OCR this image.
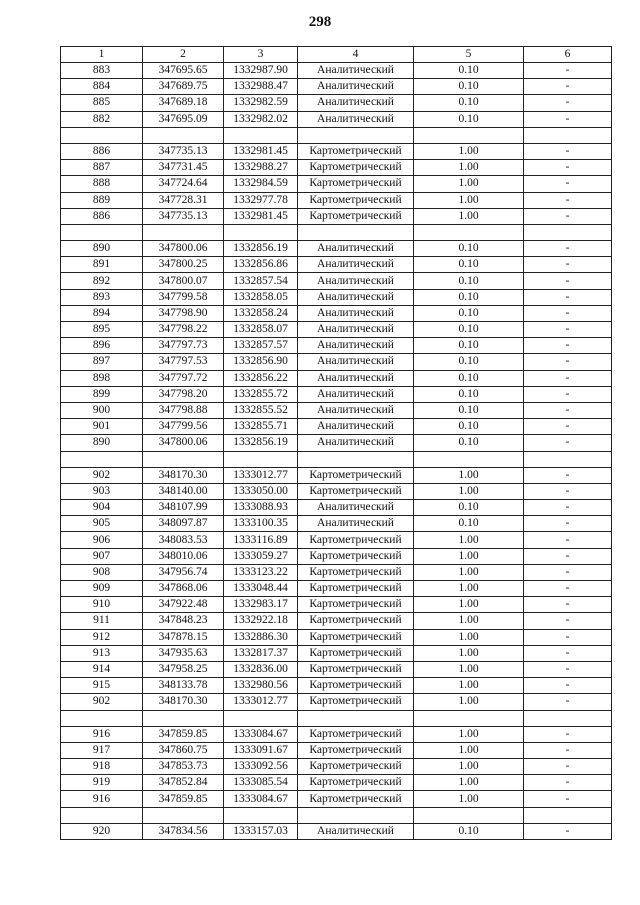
298
1	2	3	4	5	6
883	347695.65	1332987.90	Аналитический	0.10	-
884	347689.75	1332988.47	Аналитический	0.10	-
885	347689.18	1332982.59	Аналитический	0.10	-
882	347695.09	1332982.02	Аналитический	0.10	-

886	347735.13	1332981.45	Картометрический	1.00	-
887	347731.45	1332988.27	Картометрический	1.00	-
888	347724.64	1332984.59	Картометрический	1.00	-
889	347728.31	1332977.78	Картометрический	1.00	-
886	347735.13	1332981.45	Картометрический	1.00	-

890	347800.06	1332856.19	Аналитический	0.10	-
891	347800.25	1332856.86	Аналитический	0.10	-
892	347800.07	1332857.54	Аналитический	0.10	-
893	347799.58	1332858.05	Аналитический	0.10	-
894	347798.90	1332858.24	Аналитический	0.10	-
895	347798.22	1332858.07	Аналитический	0.10	-
896	347797.73	1332857.57	Аналитический	0.10	-
897	347797.53	1332856.90	Аналитический	0.10	-
898	347797.72	1332856.22	Аналитический	0.10	-
899	347798.20	1332855.72	Аналитический	0.10	-
900	347798.88	1332855.52	Аналитический	0.10	-
901	347799.56	1332855.71	Аналитический	0.10	-
890	347800.06	1332856.19	Аналитический	0.10	-

902	348170.30	1333012.77	Картометрический	1.00	-
903	348140.00	1333050.00	Картометрический	1.00	-
904	348107.99	1333088.93	Аналитический	0.10	-
905	348097.87	1333100.35	Аналитический	0.10	-
906	348083.53	1333116.89	Картометрический	1.00	-
907	348010.06	1333059.27	Картометрический	1.00	-
908	347956.74	1333123.22	Картометрический	1.00	-
909	347868.06	1333048.44	Картометрический	1.00	-
910	347922.48	1332983.17	Картометрический	1.00	-
911	347848.23	1332922.18	Картометрический	1.00	-
912	347878.15	1332886.30	Картометрический	1.00	-
913	347935.63	1332817.37	Картометрический	1.00	-
914	347958.25	1332836.00	Картометрический	1.00	-
915	348133.78	1332980.56	Картометрический	1.00	-
902	348170.30	1333012.77	Картометрический	1.00	-

916	347859.85	1333084.67	Картометрический	1.00	-
917	347860.75	1333091.67	Картометрический	1.00	-
918	347853.73	1333092.56	Картометрический	1.00	-
919	347852.84	1333085.54	Картометрический	1.00	-
916	347859.85	1333084.67	Картометрический	1.00	-

920	347834.56	1333157.03	Аналитический	0.10	-
